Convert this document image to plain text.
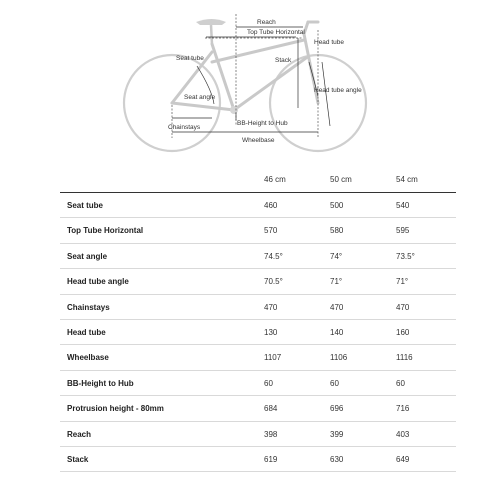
Reach
Top Tube Horizontal
Head tube
Seat tube	Stack
Head tube angle
Seat angle
Chainstays
BB-Height to Hub
Wheelbase
46 cm	50 cm	54 cm
Seat tube	460	500	540
Top Tube Horizontal	570	580	595
Seat angle	74.5°	74°	73.5°
Head tube angle	70.5°	71°	71°
Chainstays	470	470	470
Head tube	130	140	160
Wheelbase	1107	1106	1116
BB-Height to Hub	60	60	60
Protrusion height - 80mm	684	696	716
Reach	398	399	403
Stack	619	630	649
